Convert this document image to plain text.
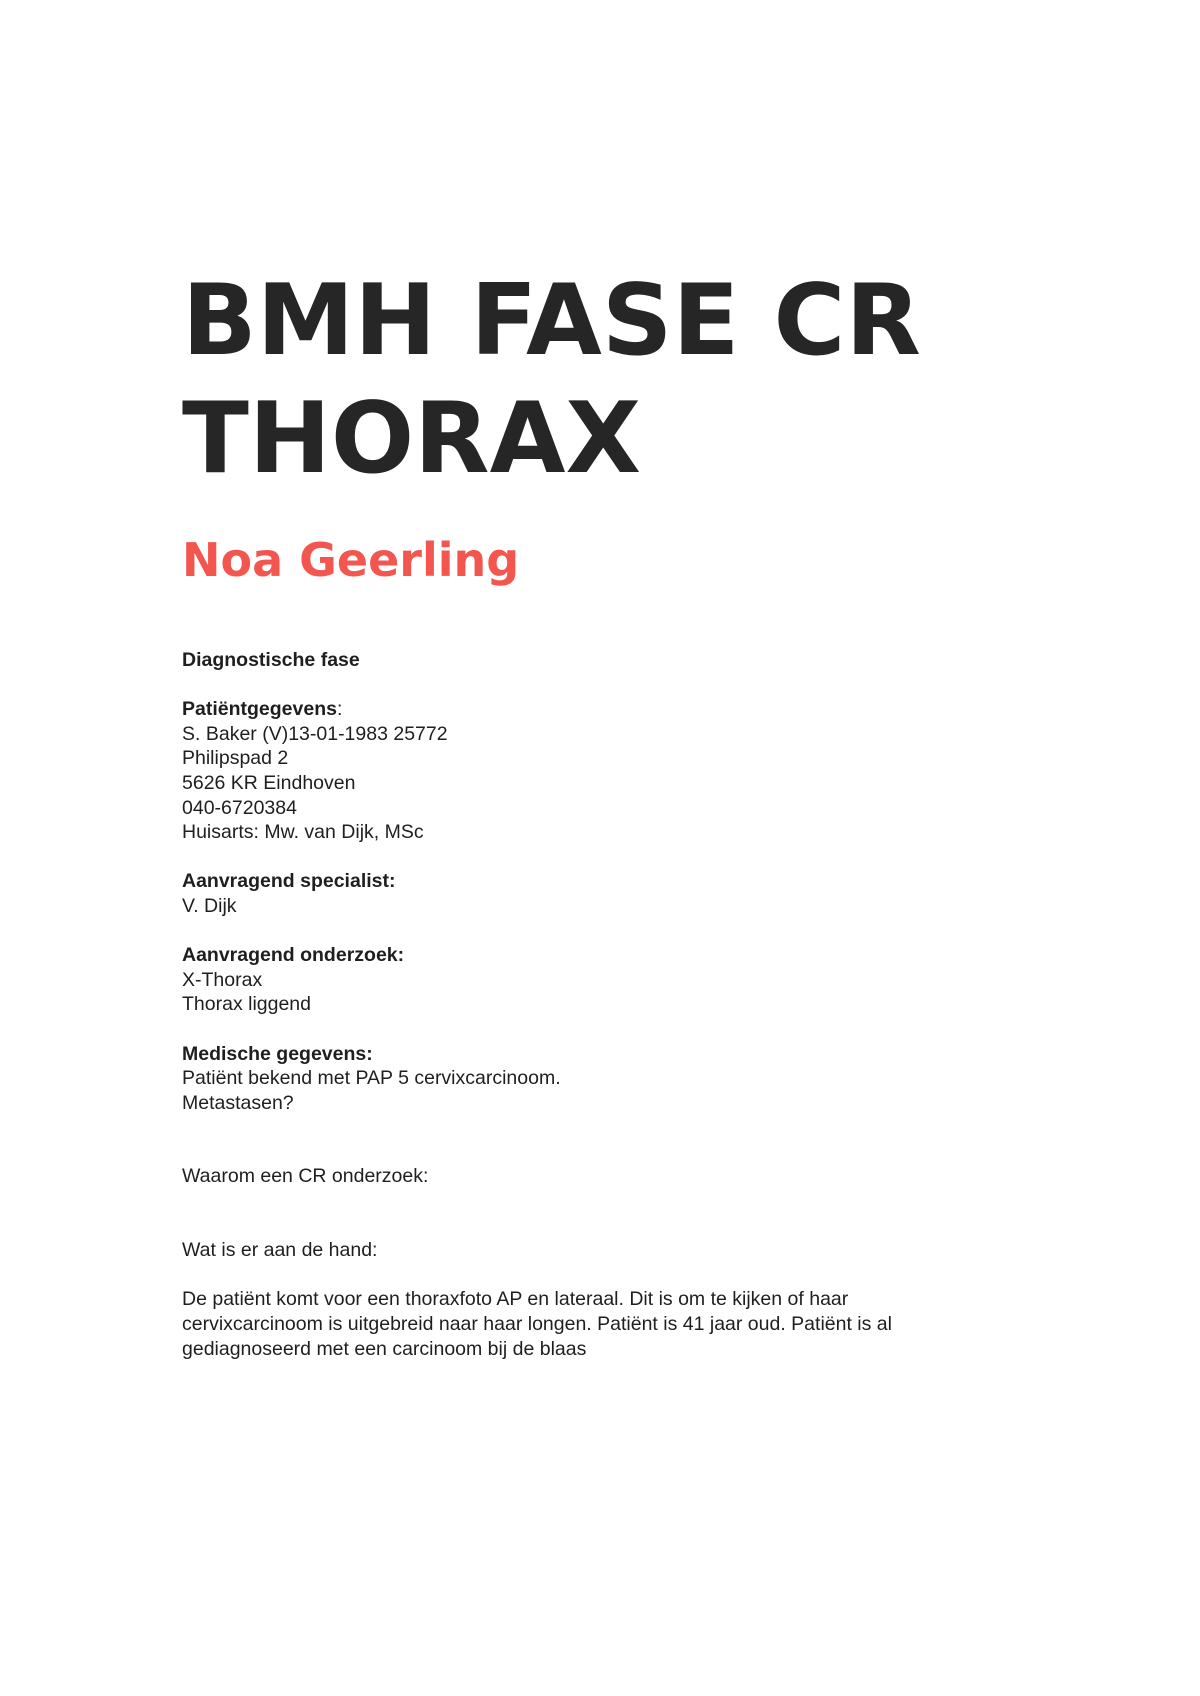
BMH FASE CR
THORAX
Noa Geerling
Diagnostische fase
Patiëntgegevens:
S. Baker (V)13-01-1983 25772
Philipspad 2
5626 KR Eindhoven
040-6720384
Huisarts: Mw. van Dijk, MSc
Aanvragend specialist:
V. Dijk
Aanvragend onderzoek:
X-Thorax
Thorax liggend
Medische gegevens:
Patiënt bekend met PAP 5 cervixcarcinoom.
Metastasen?
Waarom een CR onderzoek:
Wat is er aan de hand:
De patiënt komt voor een thoraxfoto AP en lateraal. Dit is om te kijken of haar cervixcarcinoom is uitgebreid naar haar longen. Patiënt is 41 jaar oud. Patiënt is al gediagnoseerd met een carcinoom bij de blaas
